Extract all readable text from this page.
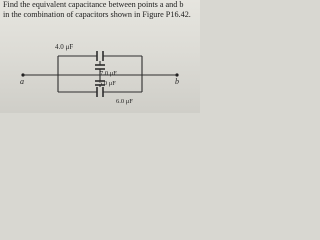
Find the equivalent capacitance between points a and b
in the combination of capacitors shown in Figure P16.42.
a	b
4.0 μF
7.0 μF
5.0 μF
6.0 μF
